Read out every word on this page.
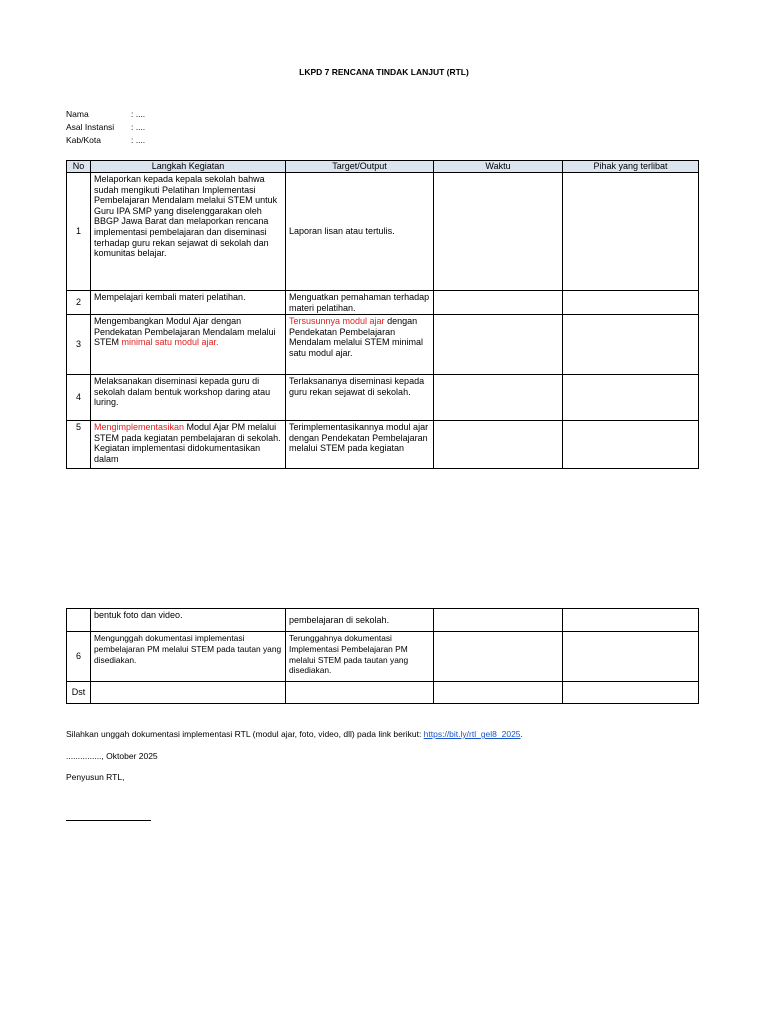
LKPD 7 RENCANA TINDAK LANJUT (RTL)
Nama	: ....
Asal Instansi	: ....
Kab/Kota	: ....
No	Langkah Kegiatan	Target/Output	Waktu	Pihak yang terlibat
1	Melaporkan kepada kepala sekolah bahwa sudah mengikuti Pelatihan Implementasi Pembelajaran Mendalam melalui STEM untuk Guru IPA SMP yang diselenggarakan oleh BBGP Jawa Barat dan melaporkan rencana implementasi pembelajaran dan diseminasi terhadap guru rekan sejawat di sekolah dan komunitas belajar.	Laporan lisan atau tertulis.		
2	Mempelajari kembali materi pelatihan.	Menguatkan pemahaman terhadap materi pelatihan.		
3	Mengembangkan Modul Ajar dengan Pendekatan Pembelajaran Mendalam melalui STEM minimal satu modul ajar.	Tersusunnya modul ajar dengan Pendekatan Pembelajaran Mendalam melalui STEM minimal satu modul ajar.		
4	Melaksanakan diseminasi kepada guru di sekolah dalam bentuk workshop daring atau luring.	Terlaksananya diseminasi kepada guru rekan sejawat di sekolah.		
5	Mengimplementasikan Modul Ajar PM melalui STEM pada kegiatan pembelajaran di sekolah. Kegiatan implementasi didokumentasikan dalam	Terimplementasikannya modul ajar dengan Pendekatan Pembelajaran melalui STEM pada kegiatan		
	bentuk foto dan video.	pembelajaran di sekolah.		
6	Mengunggah dokumentasi implementasi pembelajaran PM melalui STEM pada tautan yang disediakan.	Terunggahnya dokumentasi Implementasi Pembelajaran PM melalui STEM pada tautan yang disediakan.		
Dst				
Silahkan unggah dokumentasi implementasi RTL (modul ajar, foto, video, dll) pada link berikut: https://bit.ly/rtl_gel8_2025.
..............., Oktober 2025
Penyusun RTL,
